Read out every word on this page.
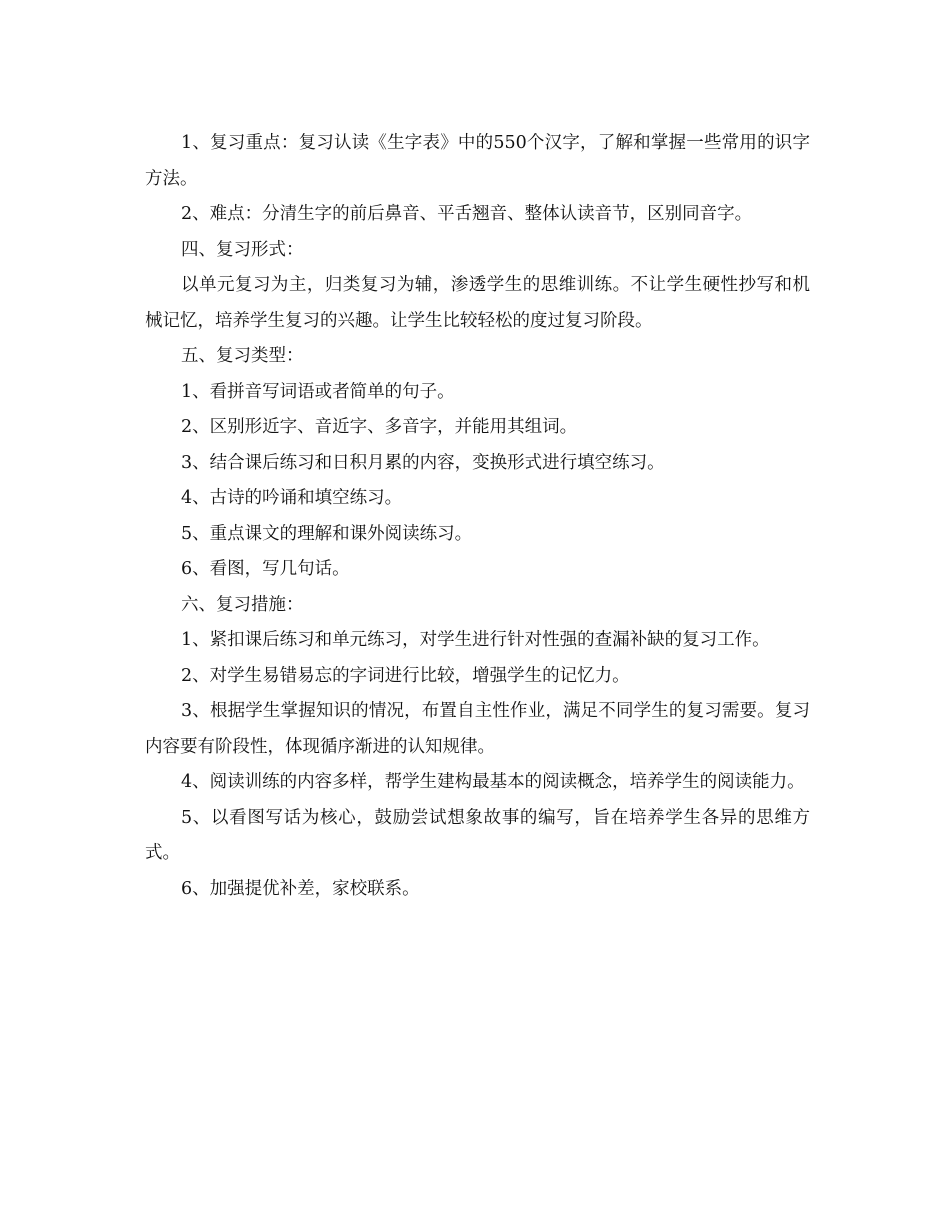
1、复习重点：复习认读《生字表》中的550个汉字，了解和掌握一些常用的识字方法。

2、难点：分清生字的前后鼻音、平舌翘音、整体认读音节，区别同音字。

四、复习形式：

以单元复习为主，归类复习为辅，渗透学生的思维训练。不让学生硬性抄写和机械记忆，培养学生复习的兴趣。让学生比较轻松的度过复习阶段。

五、复习类型：

1、看拼音写词语或者简单的句子。

2、区别形近字、音近字、多音字，并能用其组词。

3、结合课后练习和日积月累的内容，变换形式进行填空练习。

4、古诗的吟诵和填空练习。

5、重点课文的理解和课外阅读练习。

6、看图，写几句话。

六、复习措施：

1、紧扣课后练习和单元练习，对学生进行针对性强的查漏补缺的复习工作。

2、对学生易错易忘的字词进行比较，增强学生的记忆力。

3、根据学生掌握知识的情况，布置自主性作业，满足不同学生的复习需要。复习内容要有阶段性，体现循序渐进的认知规律。

4、阅读训练的内容多样，帮学生建构最基本的阅读概念，培养学生的阅读能力。

5、以看图写话为核心，鼓励尝试想象故事的编写，旨在培养学生各异的思维方式。

6、加强提优补差，家校联系。
